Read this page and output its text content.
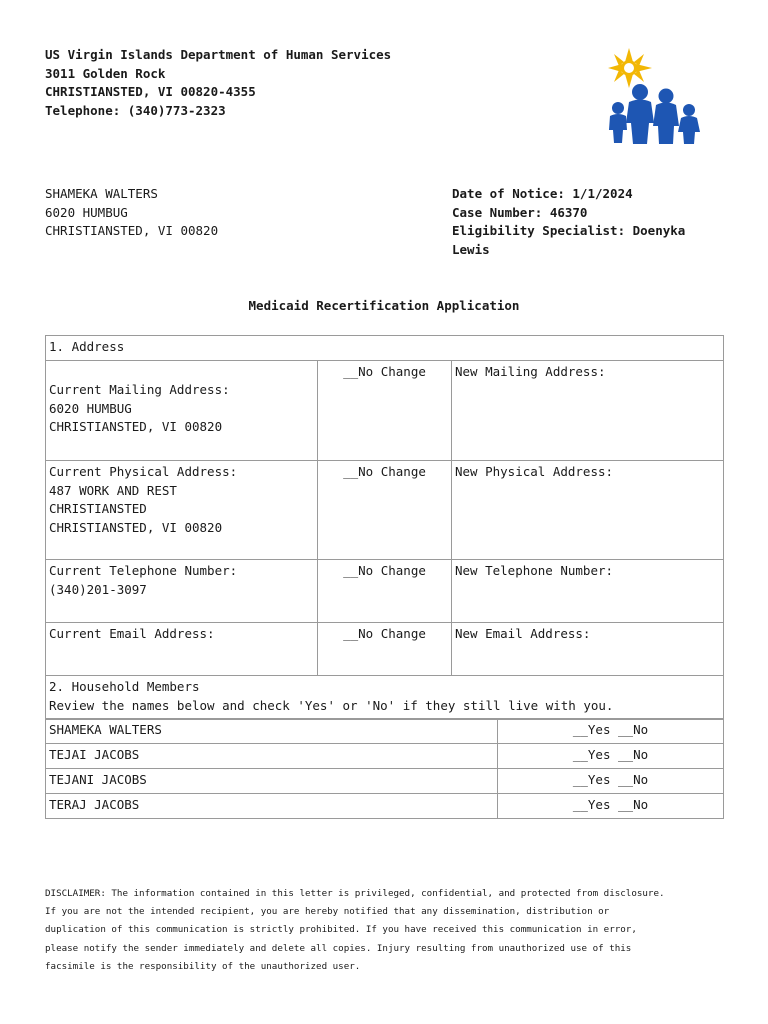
US Virgin Islands Department of Human Services
3011 Golden Rock
CHRISTIANSTED, VI 00820-4355
Telephone: (340)773-2323
SHAMEKA WALTERS
6020 HUMBUG
CHRISTIANSTED, VI 00820
Date of Notice: 1/1/2024
Case Number: 46370
Eligibility Specialist: Doenyka
Lewis
Medicaid Recertification Application
1. Address		

Current Mailing Address:
6020 HUMBUG
CHRISTIANSTED, VI 00820	__No Change	New Mailing Address:

Current Physical Address:
487 WORK AND REST
CHRISTIANSTED
CHRISTIANSTED, VI 00820	__No Change	New Physical Address:

Current Telephone Number:
(340)201-3097	__No Change	New Telephone Number:
Current Email Address:	__No Change	New Email Address:

2. Household Members
Review the names below and check 'Yes' or 'No' if they still live with you.		
SHAMEKA WALTERS	__Yes __No
TEJAI JACOBS	__Yes __No
TEJANI JACOBS	__Yes __No
TERAJ JACOBS	__Yes __No
DISCLAIMER: The information contained in this letter is privileged, confidential, and protected from disclosure.
If you are not the intended recipient, you are hereby notified that any dissemination, distribution or
duplication of this communication is strictly prohibited. If you have received this communication in error,
please notify the sender immediately and delete all copies. Injury resulting from unauthorized use of this
facsimile is the responsibility of the unauthorized user.
